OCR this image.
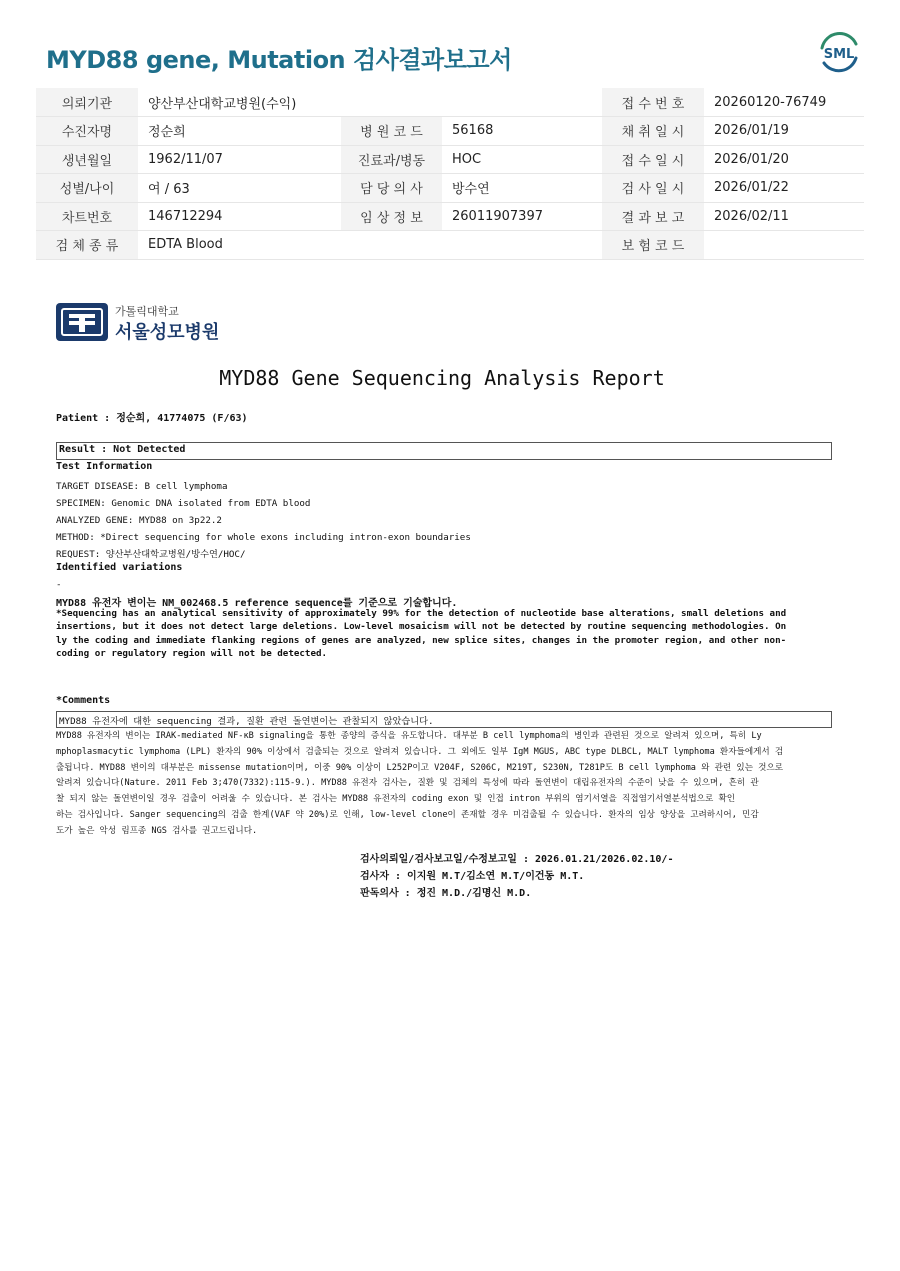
MYD88 gene, Mutation 검사결과보고서	SML
의뢰기관	양산부산대학교병원(수익)			접 수 번 호	20260120-76749
수진자명	정순희	병 원 코 드	56168	채 취 일 시	2026/01/19
생년월일	1962/11/07	진료과/병동	HOC	접 수 일 시	2026/01/20
성별/나이	여 / 63	담 당 의 사	방수연	검 사 일 시	2026/01/22
차트번호	146712294	임 상 정 보	26011907397	결 과 보 고	2026/02/11
검 체 종 류	EDTA Blood			보 험 코 드	
가톨릭대학교
서울성모병원
MYD88 Gene Sequencing Analysis Report
Patient : 정순희, 41774075 (F/63)
Result : Not Detected
Test Information
TARGET DISEASE: B cell lymphoma
SPECIMEN: Genomic DNA isolated from EDTA blood
ANALYZED GENE: MYD88 on 3p22.2
METHOD: *Direct sequencing for whole exons including intron-exon boundaries
REQUEST: 양산부산대학교병원/방수연/HOC/
Identified variations
-
MYD88 유전자 변이는 NM_002468.5 reference sequence를 기준으로 기술합니다.
*Sequencing has an analytical sensitivity of approximately 99% for the detection of nucleotide base alterations, small deletions and
insertions, but it does not detect large deletions. Low-level mosaicism will not be detected by routine sequencing methodologies. On
ly the coding and immediate flanking regions of genes are analyzed, new splice sites, changes in the promoter region, and other non-
coding or regulatory region will not be detected.
*Comments
MYD88 유전자에 대한 sequencing 결과, 질환 관련 돌연변이는 관찰되지 않았습니다.
MYD88 유전자의 변이는 IRAK-mediated NF-κB signaling을 통한 종양의 증식을 유도합니다. 대부분 B cell lymphoma의 병인과 관련된 것으로 알려져 있으며, 특히 Ly
mphoplasmacytic lymphoma (LPL) 환자의 90% 이상에서 검출되는 것으로 알려져 있습니다. 그 외에도 일부 IgM MGUS, ABC type DLBCL, MALT lymphoma 환자들에게서 검
출됩니다. MYD88 변이의 대부분은 missense mutation이며, 이중 90% 이상이 L252P이고 V204F, S206C, M219T, S230N, T281P도 B cell lymphoma 와 관련 있는 것으로
알려져 있습니다(Nature. 2011 Feb 3;470(7332):115-9.). MYD88 유전자 검사는, 질환 및 검체의 특성에 따라 돌연변이 대립유전자의 수준이 낮을 수 있으며, 흔히 관
찰 되지 않는 돌연변이일 경우 검출이 어려울 수 있습니다. 본 검사는 MYD88 유전자의 coding exon 및 인접 intron 부위의 염기서열을 직접염기서열분석법으로 확인
하는 검사입니다. Sanger sequencing의 검출 한계(VAF 약 20%)로 인해, low-level clone이 존재할 경우 미검출될 수 있습니다. 환자의 임상 양상을 고려하시어, 민감
도가 높은 악성 림프종 NGS 검사를 권고드립니다.
검사의뢰일/검사보고일/수정보고일 : 2026.01.21/2026.02.10/-
검사자 : 이지원 M.T/김소연 M.T/이건동 M.T.
판독의사 : 정진 M.D./김명신 M.D.
